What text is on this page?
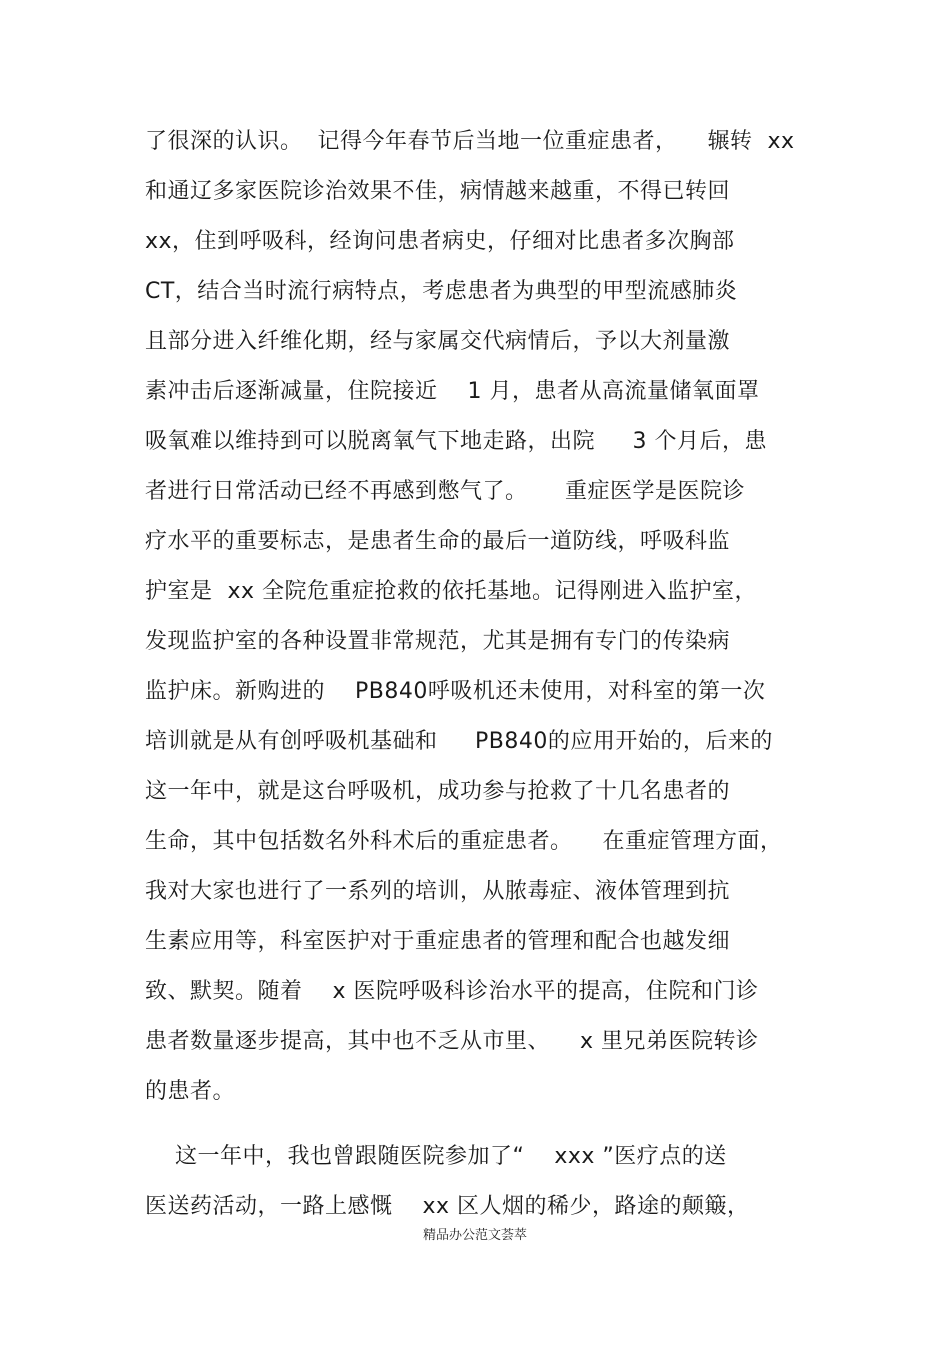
了很深的认识。  记得今年春节后当地一位重症患者，    辗转  xx
和通辽多家医院诊治效果不佳，病情越来越重，不得已转回
xx，住到呼吸科，经询问患者病史，仔细对比患者多次胸部
CT，结合当时流行病特点，考虑患者为典型的甲型流感肺炎
且部分进入纤维化期，经与家属交代病情后，予以大剂量激
素冲击后逐渐减量，住院接近    1 月，患者从高流量储氧面罩
吸氧难以维持到可以脱离氧气下地走路，出院     3 个月后，患
者进行日常活动已经不再感到憋气了。     重症医学是医院诊
疗水平的重要标志，是患者生命的最后一道防线，呼吸科监
护室是  xx 全院危重症抢救的依托基地。记得刚进入监护室，
发现监护室的各种设置非常规范，尤其是拥有专门的传染病
监护床。新购进的    PB840呼吸机还未使用，对科室的第一次
培训就是从有创呼吸机基础和     PB840的应用开始的，后来的
这一年中，就是这台呼吸机，成功参与抢救了十几名患者的
生命，其中包括数名外科术后的重症患者。    在重症管理方面，
我对大家也进行了一系列的培训，从脓毒症、液体管理到抗
生素应用等，科室医护对于重症患者的管理和配合也越发细
致、默契。随着    x 医院呼吸科诊治水平的提高，住院和门诊
患者数量逐步提高，其中也不乏从市里、    x 里兄弟医院转诊
的患者。
这一年中，我也曾跟随医院参加了“    xxx ”医疗点的送
医送药活动，一路上感慨    xx 区人烟的稀少，路途的颠簸，
精品办公范文荟萃
